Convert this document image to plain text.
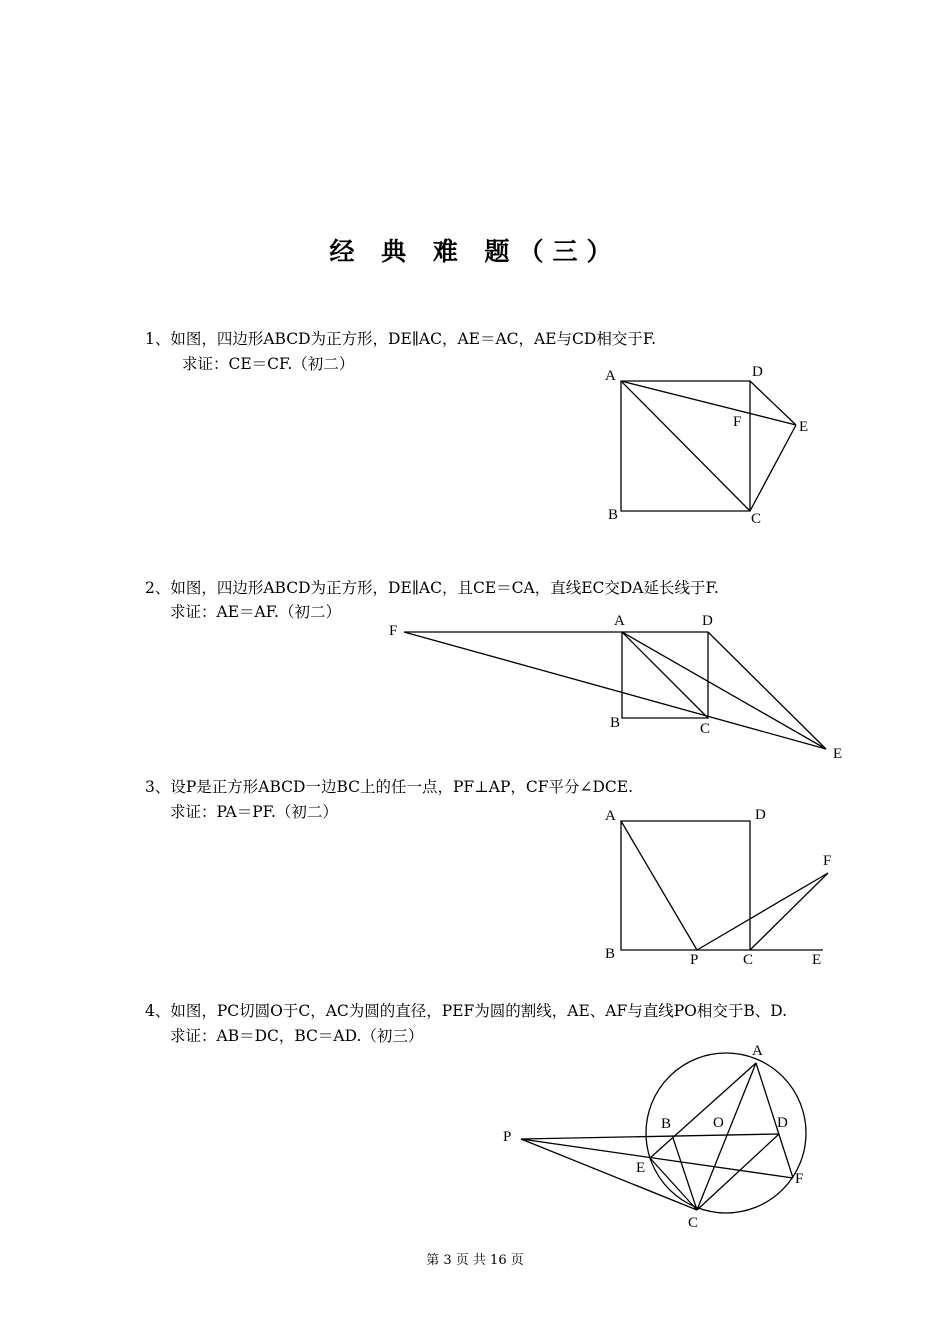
经 典 难 题（三）
1、如图，四边形ABCD为正方形，DE∥AC，AE＝AC，AE与CD相交于F.
求证：CE＝CF.（初二）
2、如图，四边形ABCD为正方形，DE∥AC，且CE＝CA，直线EC交DA延长线于F.
求证：AE＝AF.（初二）
3、设P是正方形ABCD一边BC上的任一点，PF⊥AP，CF平分∠DCE.
求证：PA＝PF.（初二）
4、如图，PC切圆O于C，AC为圆的直径，PEF为圆的割线，AE、AF与直线PO相交于B、D.
求证：AB＝DC，BC＝AD.（初三）
A	D
F	E
B	C
F
A	D
B	C
E
A	D
F
B	P	C	E
P
A
B	O	D
E
F
C
第 3 页 共 16 页
